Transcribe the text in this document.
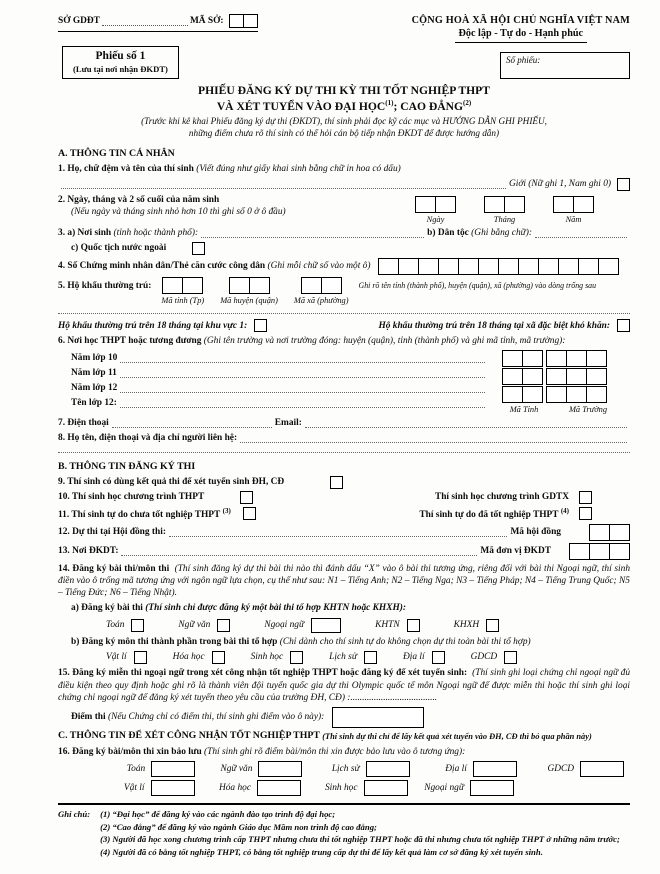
SỞ GDĐT	MÃ SỞ:	CỘNG HOÀ XÃ HỘI CHỦ NGHĨA VIỆT NAM
Độc lập - Tự do - Hạnh phúc
Phiếu số 1
(Lưu tại nơi nhận ĐKDT)
Số phiếu:
PHIẾU ĐĂNG KÝ DỰ THI KỲ THI TỐT NGHIỆP THPT
VÀ XÉT TUYỂN VÀO ĐẠI HỌC$^{(1)}$; CAO ĐẲNG$^{(2)}$
(Trước khi kê khai Phiếu đăng ký dự thi (ĐKDT), thí sinh phải đọc kỹ các mục và HƯỚNG DẪN GHI PHIẾU,
những điểm chưa rõ thí sinh có thể hỏi cán bộ tiếp nhận ĐKDT để được hướng dẫn)
A. THÔNG TIN CÁ NHÂN
1. Họ, chữ đệm và tên của thí sinh
(Viết đúng như giấy khai sinh bằng chữ in hoa có dấu)
Giới (Nữ ghi 1, Nam ghi 0)
2. Ngày, tháng và 2 số cuối của năm sinh
(Nếu ngày và tháng sinh nhỏ hơn 10 thì ghi số 0 ở ô đầu)
Ngày	Tháng	Năm
3. a) Nơi sinh
(tỉnh hoặc thành phố):	b) Dân tộc
(Ghi bằng chữ):
c) Quốc tịch nước ngoài
4. Số Chứng minh nhân dân/Thẻ căn cước công dân
(Ghi mỗi chữ số vào một ô)
5. Hộ khẩu thường trú:
Mã tỉnh (Tp) Mã huyện (quận) Mã xã (phường)
Ghi rõ tên tỉnh (thành phố), huyện (quận), xã (phường) vào dòng trống sau
Hộ khẩu thường trú trên 18 tháng tại khu vực 1:	Hộ khẩu thường trú trên 18 tháng tại xã đặc biệt khó khăn:
6. Nơi học THPT hoặc tương đương
(Ghi tên trường và nơi trường đóng: huyện (quận), tỉnh (thành phố) và ghi mã tỉnh, mã trường):
Năm lớp 10
Năm lớp 11
Năm lớp 12
Tên lớp 12:
Mã Tỉnh	Mã Trường
7. Điện thoại	Email:
8. Họ tên, điện thoại và địa chỉ người liên hệ:
B. THÔNG TIN ĐĂNG KÝ THI
9. Thí sinh có dùng kết quả thi để xét tuyển sinh ĐH, CĐ
10. Thí sinh học chương trình THPT	Thí sinh học chương trình GDTX
11. Thí sinh tự do chưa tốt nghiệp THPT $^{(3)}$	Thí sinh tự do đã tốt nghiệp THPT $^{(4)}$
12. Dự thi tại Hội đồng thi:	Mã hội đồng
13. Nơi ĐKDT:	Mã đơn vị ĐKDT
14. Đăng ký bài thi/môn thi (Thí sinh đăng ký dự thi bài thi nào thì đánh dấu “X” vào ô bài thi tương ứng, riêng đối với bài thi Ngoại ngữ, thí sinh điền vào ô trống mã tương ứng với ngôn ngữ lựa chọn, cụ thể như sau: N1 – Tiếng Anh; N2 – Tiếng Nga; N3 – Tiếng Pháp; N4 – Tiếng Trung Quốc; N5 – Tiếng Đức; N6 – Tiếng Nhật).
a) Đăng ký bài thi
(Thí sinh chỉ được đăng ký một bài thi tổ hợp KHTN hoặc KHXH):
Toán	Ngữ văn	Ngoại ngữ	KHTN	KHXH
b) Đăng ký môn thi thành phần trong bài thi tổ hợp
(Chỉ dành cho thí sinh tự do không chọn dự thi toàn bài thi tổ hợp)
Vật lí	Hóa học	Sinh học	Lịch sử	Địa lí	GDCD
15. Đăng ký miễn thi ngoại ngữ trong xét công nhận tốt nghiệp THPT hoặc đăng ký để xét tuyển sinh: (Thí sinh ghi loại chứng chỉ ngoại ngữ đủ điều kiện theo quy định hoặc ghi rõ là thành viên đội tuyển quốc gia dự thi Olympic quốc tế môn Ngoại ngữ để được miễn thi hoặc thí sinh ghi loại chứng chỉ ngoại ngữ để đăng ký xét tuyển theo yêu cầu của trường ĐH, CĐ) :.....................................
Điểm thi
(Nếu Chứng chỉ có điểm thi, thí sinh ghi điểm vào ô này):
C. THÔNG TIN ĐỂ XÉT CÔNG NHẬN TỐT NGHIỆP THPT
(Thí sinh dự thi chỉ để lấy kết quả xét tuyển vào ĐH, CĐ thì bỏ qua phần này)
16. Đăng ký bài/môn thi xin bảo lưu
(Thí sinh ghi rõ điểm bài/môn thi xin được bảo lưu vào ô tương ứng):
Toán	Ngữ văn	Lịch sử	Địa lí	GDCD
Vật lí	Hóa học	Sinh học	Ngoại ngữ
Ghi chú: (1) “Đại học” để đăng ký vào các ngành đào tạo trình độ đại học;
(2) “Cao đẳng” để đăng ký vào ngành Giáo dục Mầm non trình độ cao đẳng;
(3) Người đã học xong chương trình cấp THPT nhưng chưa thi tốt nghiệp THPT hoặc đã thi nhưng chưa tốt nghiệp THPT ở những năm trước;
(4) Người đã có bằng tốt nghiệp THPT, có bằng tốt nghiệp trung cấp dự thi để lấy kết quả làm cơ sở đăng ký xét tuyển sinh.
